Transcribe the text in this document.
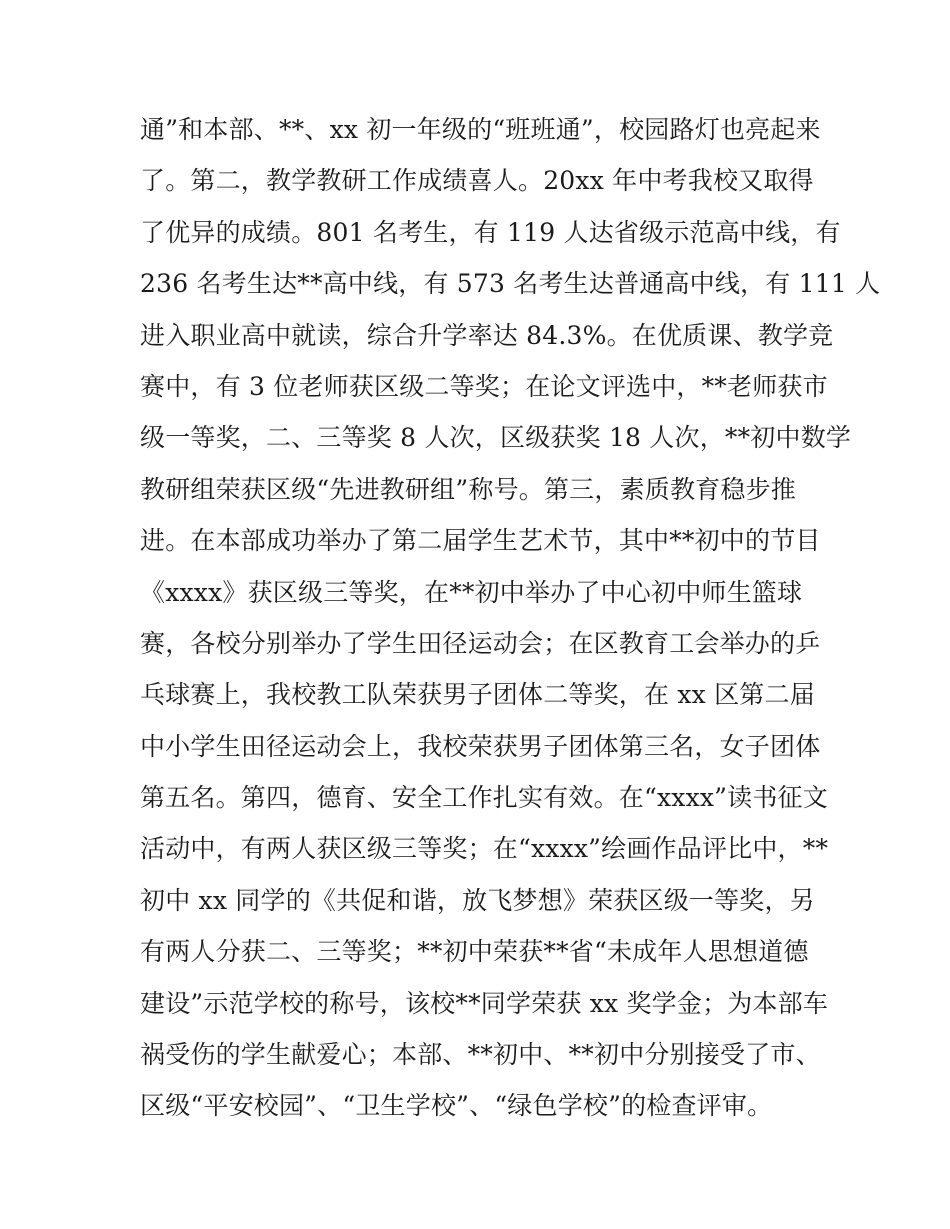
通”和本部、**、xx 初一年级的“班班通”，校园路灯也亮起来
了。第二，教学教研工作成绩喜人。20xx 年中考我校又取得
了优异的成绩。801 名考生，有 119 人达省级示范高中线，有
236 名考生达**高中线，有 573 名考生达普通高中线，有 111 人
进入职业高中就读，综合升学率达 84.3%。在优质课、教学竞
赛中，有 3 位老师获区级二等奖；在论文评选中，**老师获市
级一等奖，二、三等奖 8 人次，区级获奖 18 人次，**初中数学
教研组荣获区级“先进教研组”称号。第三，素质教育稳步推
进。在本部成功举办了第二届学生艺术节，其中**初中的节目
《xxxx》获区级三等奖，在**初中举办了中心初中师生篮球
赛，各校分别举办了学生田径运动会；在区教育工会举办的乒
乓球赛上，我校教工队荣获男子团体二等奖，在 xx 区第二届
中小学生田径运动会上，我校荣获男子团体第三名，女子团体
第五名。第四，德育、安全工作扎实有效。在“xxxx”读书征文
活动中，有两人获区级三等奖；在“xxxx”绘画作品评比中，**
初中 xx 同学的《共促和谐，放飞梦想》荣获区级一等奖，另
有两人分获二、三等奖；**初中荣获**省“未成年人思想道德
建设”示范学校的称号，该校**同学荣获 xx 奖学金；为本部车
祸受伤的学生献爱心；本部、**初中、**初中分别接受了市、
区级“平安校园”、“卫生学校”、“绿色学校”的检查评审。
